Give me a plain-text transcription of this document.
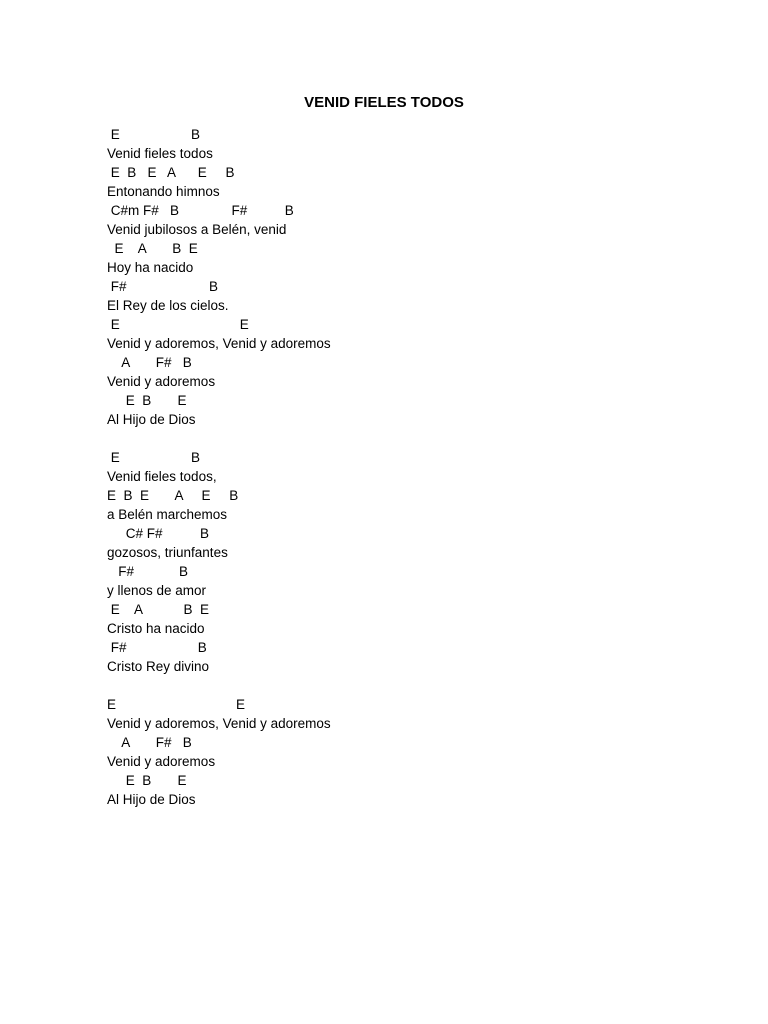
VENID FIELES TODOS
E                   B
Venid fieles todos
E  B   E   A      E     B
Entonando himnos
C#m F#   B              F#          B
Venid jubilosos a Belén, venid
E    A       B  E
Hoy ha nacido
F#                      B
El Rey de los cielos.
E                                E
Venid y adoremos, Venid y adoremos
A       F#   B
Venid y adoremos
E  B       E
Al Hijo de Dios
E                   B
Venid fieles todos,
E  B  E       A     E     B
a Belén marchemos
C# F#          B
gozosos, triunfantes
F#            B
y llenos de amor
E    A           B  E
Cristo ha nacido
F#                   B
Cristo Rey divino
E                                E
Venid y adoremos, Venid y adoremos
A       F#   B
Venid y adoremos
E  B       E
Al Hijo de Dios
